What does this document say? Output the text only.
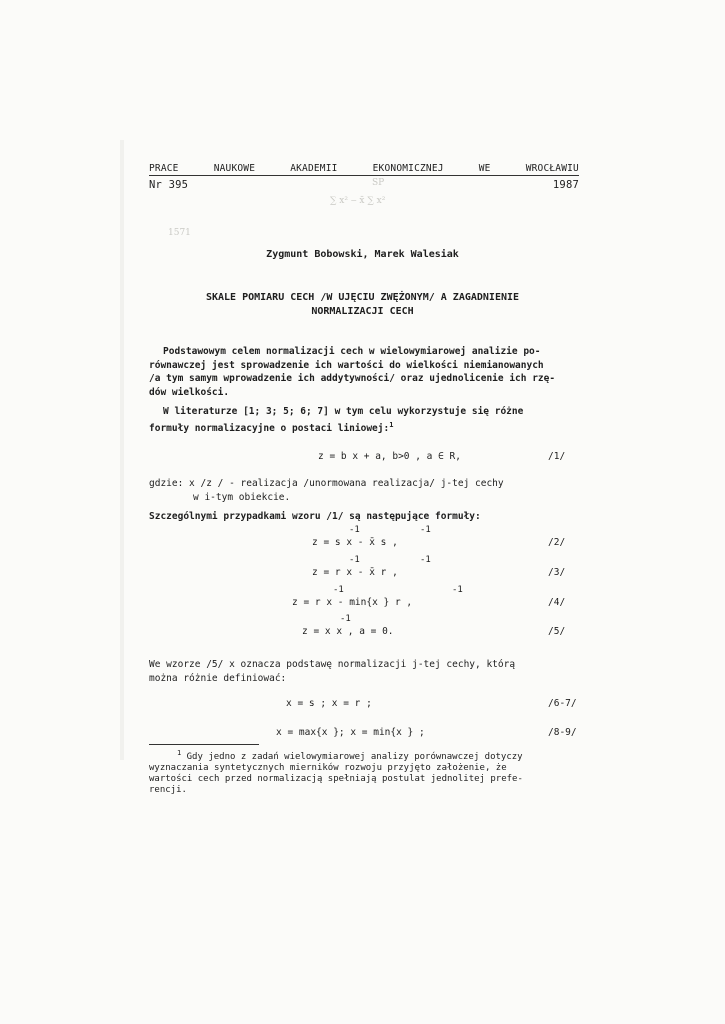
∑ x² ‒ x̄ ∑ x²
1571
SP
PRACE	NAUKOWE	AKADEMII	EKONOMICZNEJ	WE	WROCŁAWIU
Nr 395	1987
Zygmunt Bobowski, Marek Walesiak
SKALE POMIARU CECH /W UJĘCIU ZWĘŻONYM/ A ZAGADNIENIE
NORMALIZACJI CECH
Podstawowym celem normalizacji cech w wielowymiarowej analizie po-
równawczej jest sprowadzenie ich wartości do wielkości niemianowanych
/a tym samym wprowadzenie ich addytywności/ oraz ujednolicenie ich rzę-
dów wielkości.
W literaturze [1; 3; 5; 6; 7] w tym celu wykorzystuje się różne
formuły normalizacyjne o postaci liniowej:$^1$
z = b x + a, b>0 , a ∈ R,	/1/
gdzie: x /z / - realizacja /unormowana realizacja/ j-tej cechy
w i-tym obiekcie.
Szczególnymi przypadkami wzoru /1/ są następujące formuły:
-1	-1
z = s x - x̄ s ,	/2/
-1	-1
z = r x - x̄ r ,	/3/
-1	-1
z = r x - min{x } r ,	/4/
-1
z = x x , a = 0.	/5/
We wzorze /5/ x oznacza podstawę normalizacji j-tej cechy, którą
można różnie definiować:
x = s ; x = r ;	/6-7/
x = max{x }; x = min{x } ;	/8-9/
$^1$ Gdy jedno z zadań wielowymiarowej analizy porównawczej dotyczy
wyznaczania syntetycznych mierników rozwoju przyjęto założenie, że
wartości cech przed normalizacją spełniają postulat jednolitej prefe-
rencji.
